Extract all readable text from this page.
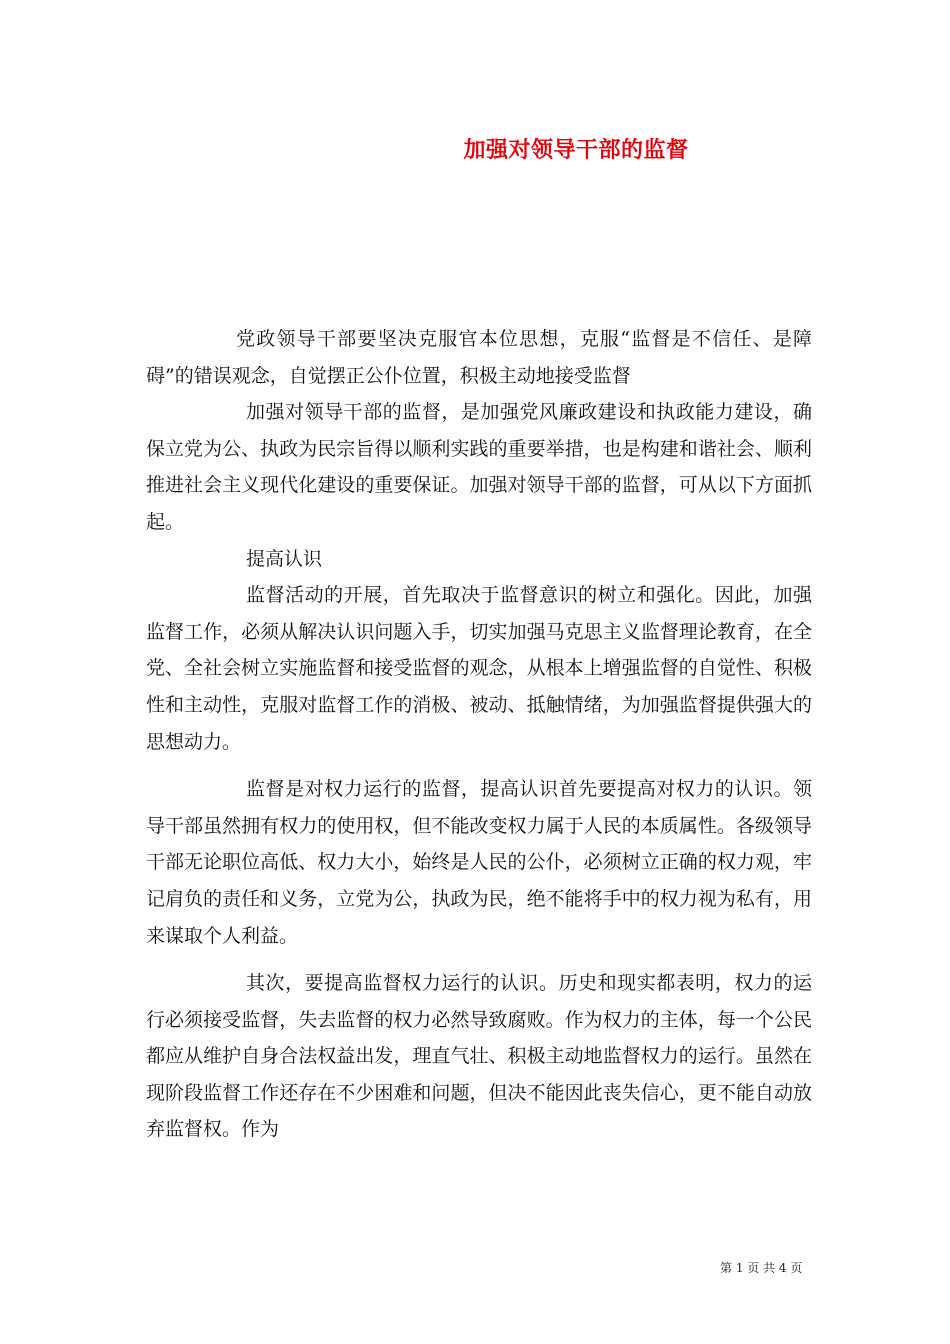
加强对领导干部的监督

党政领导干部要坚决克服官本位思想，克服“监督是不信任、是障碍”的错误观念，自觉摆正公仆位置，积极主动地接受监督

加强对领导干部的监督，是加强党风廉政建设和执政能力建设，确保立党为公、执政为民宗旨得以顺利实践的重要举措，也是构建和谐社会、顺利推进社会主义现代化建设的重要保证。加强对领导干部的监督，可从以下方面抓起。

提高认识

监督活动的开展，首先取决于监督意识的树立和强化。因此，加强监督工作，必须从解决认识问题入手，切实加强马克思主义监督理论教育，在全党、全社会树立实施监督和接受监督的观念，从根本上增强监督的自觉性、积极性和主动性，克服对监督工作的消极、被动、抵触情绪，为加强监督提供强大的思想动力。

监督是对权力运行的监督，提高认识首先要提高对权力的认识。领导干部虽然拥有权力的使用权，但不能改变权力属于人民的本质属性。各级领导干部无论职位高低、权力大小，始终是人民的公仆，必须树立正确的权力观，牢记肩负的责任和义务，立党为公，执政为民，绝不能将手中的权力视为私有，用来谋取个人利益。

其次，要提高监督权力运行的认识。历史和现实都表明，权力的运行必须接受监督，失去监督的权力必然导致腐败。作为权力的主体，每一个公民都应从维护自身合法权益出发，理直气壮、积极主动地监督权力的运行。虽然在现阶段监督工作还存在不少困难和问题，但决不能因此丧失信心，更不能自动放弃监督权。作为

第 1 页 共 4 页
